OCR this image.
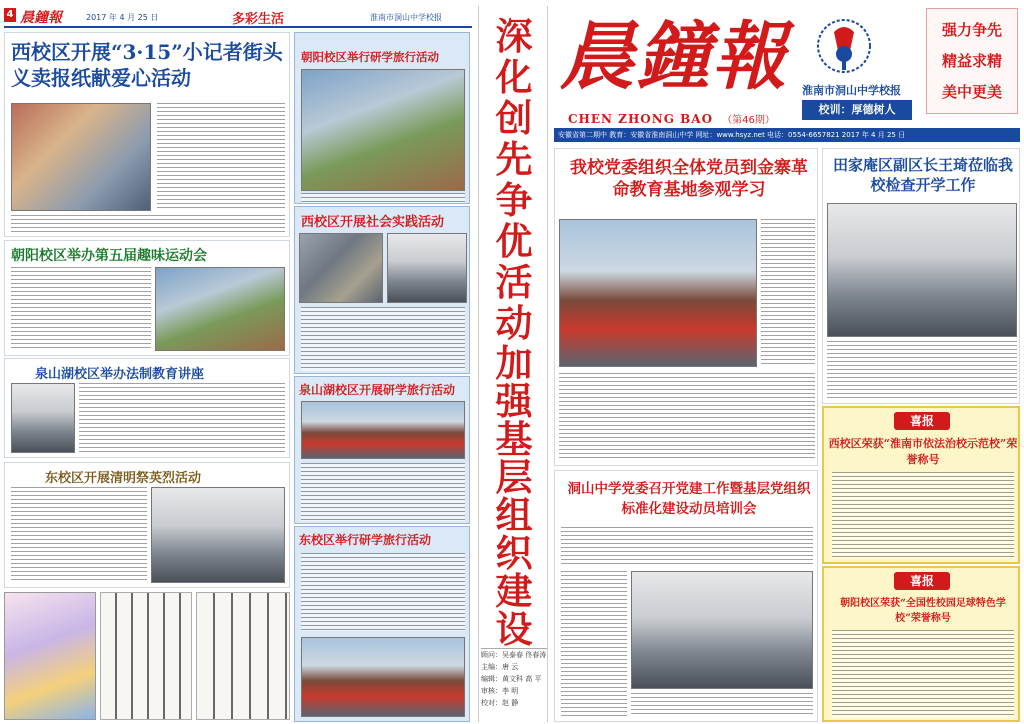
4 晨鐘報	2017 年 4 月 25 日	多彩生活	淮南市洞山中学校报
西校区开展“3·15”小记者街头义卖报纸献爱心活动
朝阳校区举行研学旅行活动
朝阳校区举办第五届趣味运动会
西校区开展社会实践活动
泉山湖校区举办法制教育讲座
泉山湖校区开展研学旅行活动
东校区开展清明祭英烈活动
东校区举行研学旅行活动
深化创先争优活动
加强基层组织建设
顾问：吴泰春 佟春涛
主编：唐 云
编辑：黄文科 高 平
审核：李 明
校对：赵 静
晨鐘報
CHEN ZHONG BAO （第46期）
淮南市洞山中学校报
校训：厚德树人
强力争先
精益求精
美中更美
安徽省第二期中 教育：安徽省淮南洞山中学 网址：www.hsyz.net 电话：0554-6657821 2017 年 4 月 25 日
我校党委组织全体党员到金寨革命教育基地参观学习
田家庵区副区长王琦莅临我校检查开学工作
洞山中学党委召开党建工作暨基层党组织标准化建设动员培训会
喜报
西校区荣获“淮南市依法治校示范校”荣誉称号
喜报
朝阳校区荣获“全国性校园足球特色学校”荣誉称号
